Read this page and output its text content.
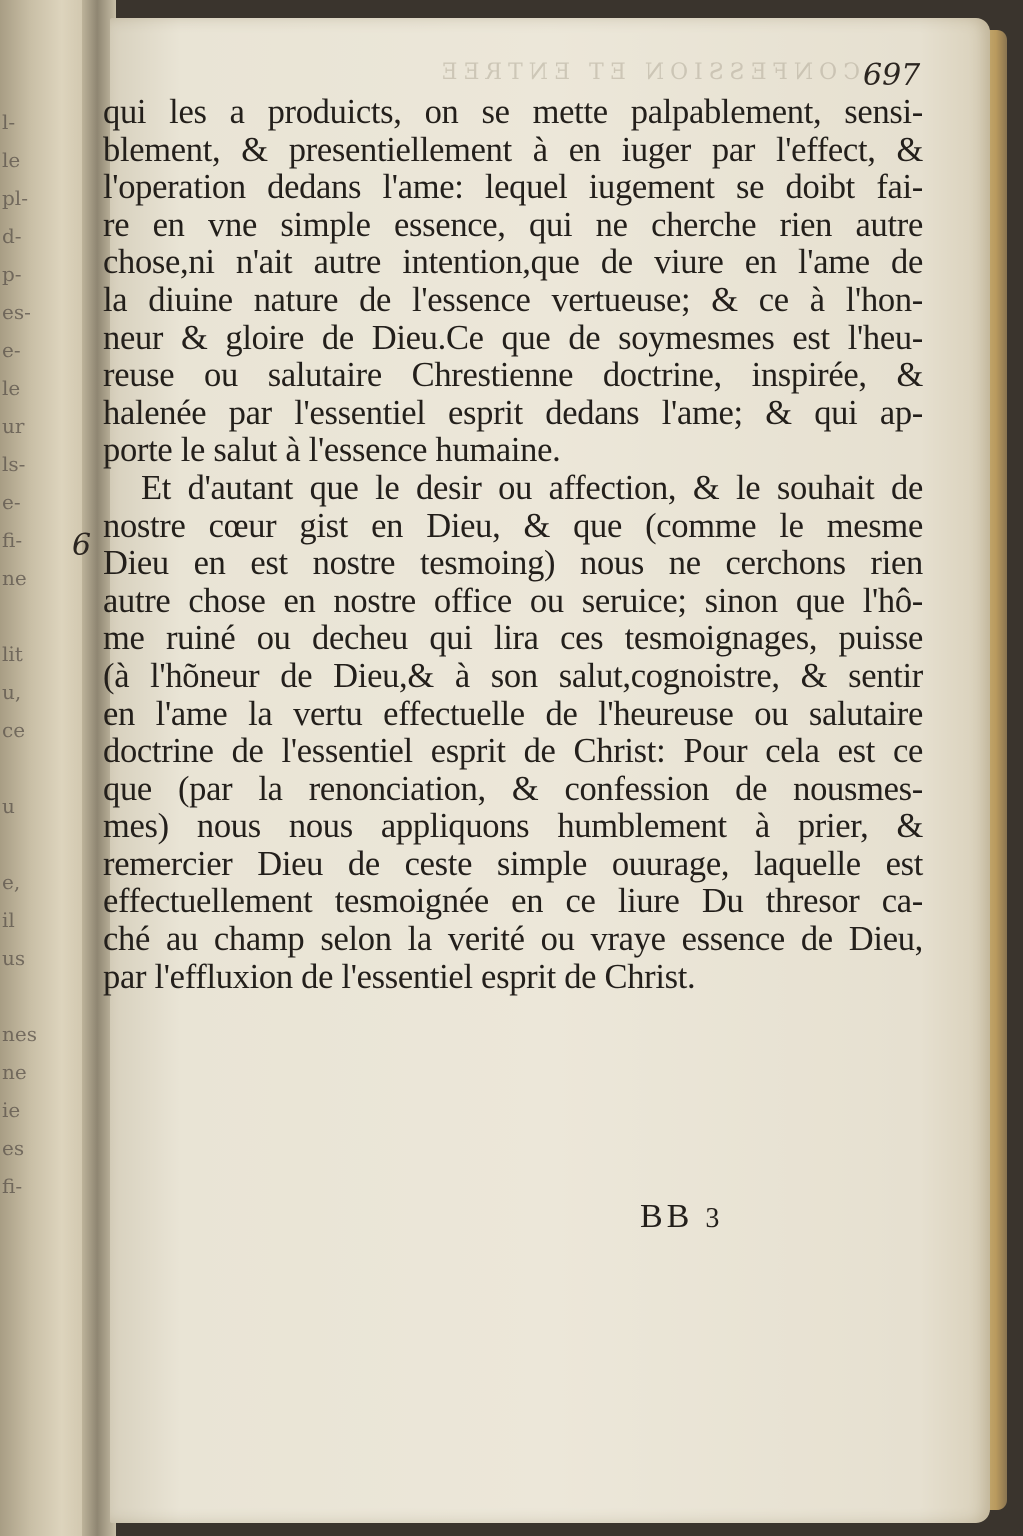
l-
le
pl-
d-
p-
es-
e-
le
ur
ls-
e-
fi-
ne
lit
u,
ce
u
e,
il
us
nes
ne
ie
es
fi-
CONFESSION ET ENTREE 697
6
qui les a produicts, on se mette palpablement, sensi-
blement, & presentiellement à en iuger par l'effect, &
l'operation dedans l'ame: lequel iugement se doibt fai-
re en vne simple essence, qui ne cherche rien autre
chose,ni n'ait autre intention,que de viure en l'ame de
la diuine nature de l'essence vertueuse; & ce à l'hon-
neur & gloire de Dieu.Ce que de soymesmes est l'heu-
reuse ou salutaire Chrestienne doctrine, inspirée, &
halenée par l'essentiel esprit dedans l'ame; & qui ap-
porte le salut à l'essence humaine.
Et d'autant que le desir ou affection, & le souhait de
nostre cœur gist en Dieu, & que (comme le mesme
Dieu en est nostre tesmoing) nous ne cerchons rien
autre chose en nostre office ou seruice; sinon que l'hô-
me ruiné ou decheu qui lira ces tesmoignages, puisse
(à l'hõneur de Dieu,& à son salut,cognoistre, & sentir
en l'ame la vertu effectuelle de l'heureuse ou salutaire
doctrine de l'essentiel esprit de Christ: Pour cela est ce
que (par la renonciation, & confession de nousmes-
mes) nous nous appliquons humblement à prier, &
remercier Dieu de ceste simple ouurage, laquelle est
effectuellement tesmoignée en ce liure Du thresor ca-
ché au champ selon la verité ou vraye essence de Dieu,
par l'effluxion de l'essentiel esprit de Christ.
BB 3
